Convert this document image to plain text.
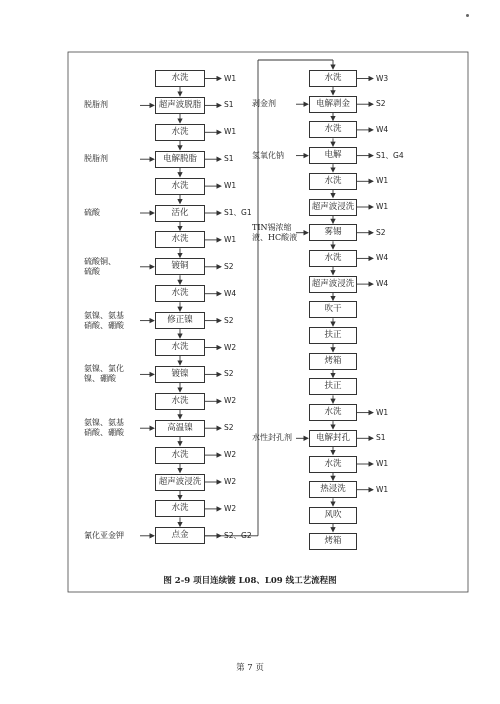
水洗	W1
超声波脱脂	S1
脱脂剂
水洗	W1
电解脱脂	S1
脱脂剂
水洗	W1
活化	S1、G1
硫酸
水洗	W1
镀铜	S2
硫酸铜、
硫酸
水洗	W4
修正镍	S2
氨镍、氨基
硝酸、硼酸
水洗	W2
镀镍	S2
氨镍、氯化
镍、硼酸
水洗	W2
高温镍	S2
氨镍、氨基
硝酸、硼酸
水洗	W2
超声波浸洗	W2
水洗	W2
点金	S2、G2
氰化亚金钾
水洗	W3
电解剥金	S2
剥金剂
水洗	W4
电解	S1、G4
氢氧化钠
水洗	W1
超声波浸洗	W1
雾锡	S2
TIN锡浓缩
液、HC酸液
水洗	W4
超声波浸洗	W4
吹干
扶正
烤箱
扶正
水洗	W1
电解封孔	S1
水性封孔剂
水洗	W1
热浸洗	W1
风吹
烤箱
图 2-9 项目连续镀 L08、L09 线工艺流程图
第 7 页
